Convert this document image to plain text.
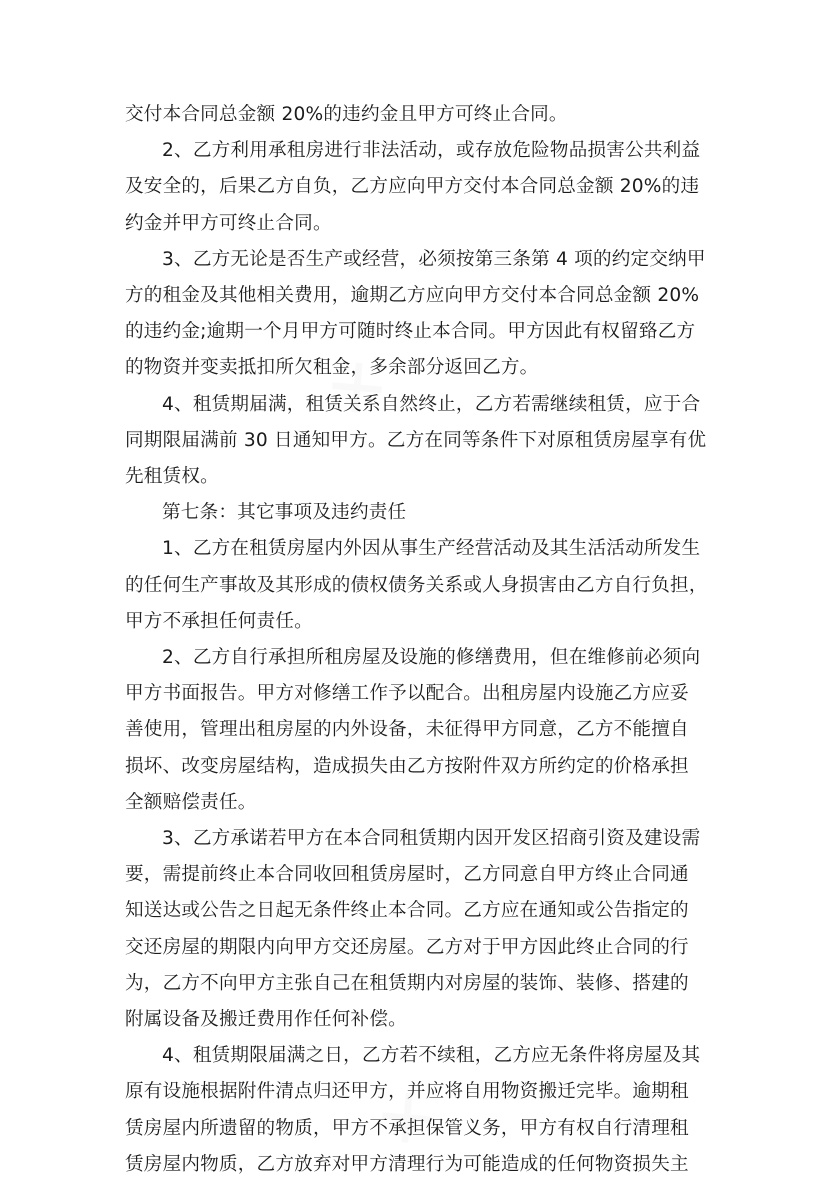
交付本合同总金额 20%的违约金且甲方可终止合同。
2、乙方利用承租房进行非法活动，或存放危险物品损害公共利益
及安全的，后果乙方自负，乙方应向甲方交付本合同总金额 20%的违
约金并甲方可终止合同。
3、乙方无论是否生产或经营，必须按第三条第 4 项的约定交纳甲
方的租金及其他相关费用，逾期乙方应向甲方交付本合同总金额 20%
的违约金;逾期一个月甲方可随时终止本合同。甲方因此有权留臵乙方
的物资并变卖抵扣所欠租金，多余部分返回乙方。
4、租赁期届满，租赁关系自然终止，乙方若需继续租赁，应于合
同期限届满前 30 日通知甲方。乙方在同等条件下对原租赁房屋享有优
先租赁权。
第七条：其它事项及违约责任
1、乙方在租赁房屋内外因从事生产经营活动及其生活活动所发生
的任何生产事故及其形成的债权债务关系或人身损害由乙方自行负担，
甲方不承担任何责任。
2、乙方自行承担所租房屋及设施的修缮费用，但在维修前必须向
甲方书面报告。甲方对修缮工作予以配合。出租房屋内设施乙方应妥
善使用，管理出租房屋的内外设备，未征得甲方同意，乙方不能擅自
损坏、改变房屋结构，造成损失由乙方按附件双方所约定的价格承担
全额赔偿责任。
3、乙方承诺若甲方在本合同租赁期内因开发区招商引资及建设需
要，需提前终止本合同收回租赁房屋时，乙方同意自甲方终止合同通
知送达或公告之日起无条件终止本合同。乙方应在通知或公告指定的
交还房屋的期限内向甲方交还房屋。乙方对于甲方因此终止合同的行
为，乙方不向甲方主张自己在租赁期内对房屋的装饰、装修、搭建的
附属设备及搬迁费用作任何补偿。
4、租赁期限届满之日，乙方若不续租，乙方应无条件将房屋及其
原有设施根据附件清点归还甲方，并应将自用物资搬迁完毕。逾期租
赁房屋内所遗留的物质，甲方不承担保管义务，甲方有权自行清理租
赁房屋内物质，乙方放弃对甲方清理行为可能造成的任何物资损失主
